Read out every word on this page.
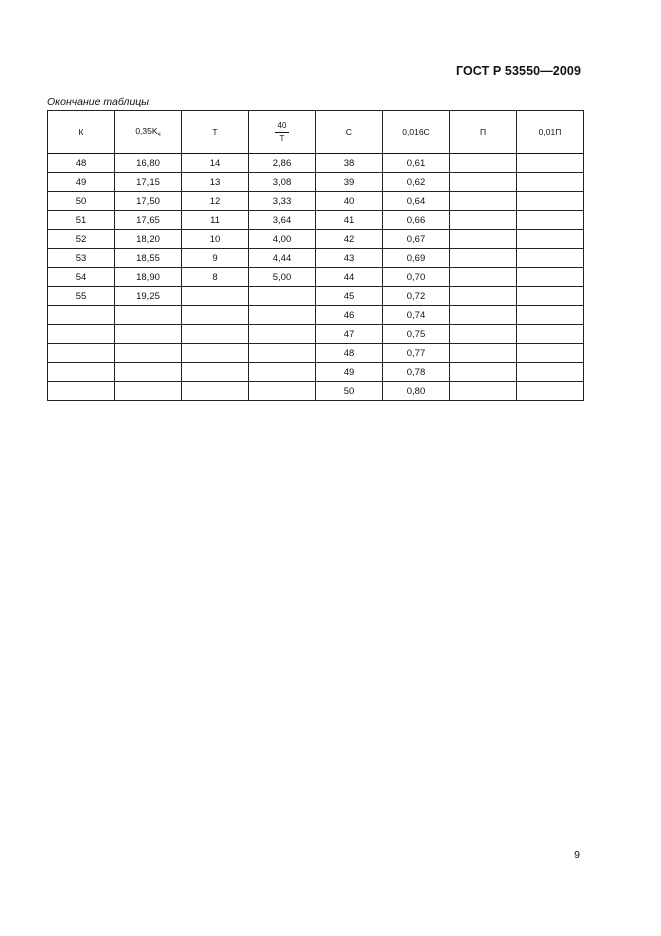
ГОСТ Р 53550—2009
Окончание таблицы
К	$0,35K_ч$	Т	$\frac{40}{Т}$	С	0,016С	П	0,01П
48	16,80	14	2,86	38	0,61		
49	17,15	13	3,08	39	0,62		
50	17,50	12	3,33	40	0,64		
51	17,65	11	3,64	41	0,66		
52	18,20	10	4,00	42	0,67		
53	18,55	9	4,44	43	0,69		
54	18,90	8	5,00	44	0,70		
55	19,25			45	0,72		
				46	0,74		
				47	0,75		
				48	0,77		
				49	0,78		
				50	0,80		
9
